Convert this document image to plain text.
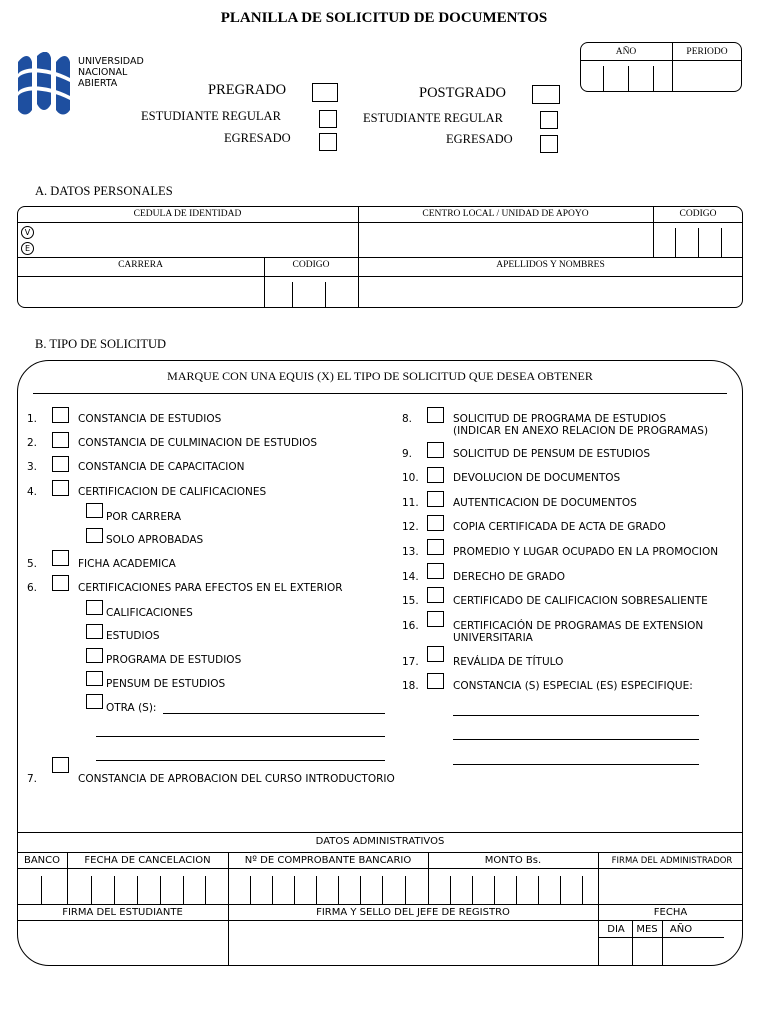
PLANILLA DE SOLICITUD DE DOCUMENTOS
UNIVERSIDAD
NACIONAL
ABIERTA
AÑO	PERIODO
PREGRADO	POSTGRADO
ESTUDIANTE REGULAR
EGRESADO
ESTUDIANTE REGULAR
EGRESADO
A. DATOS PERSONALES
CEDULA DE IDENTIDAD	CENTRO LOCAL / UNIDAD DE APOYO	CODIGO
V
E
CARRERA	CODIGO	APELLIDOS Y NOMBRES
B. TIPO DE SOLICITUD
MARQUE CON UNA EQUIS (X) EL TIPO DE SOLICITUD QUE DESEA OBTENER
1.	CONSTANCIA DE ESTUDIOS
2.	CONSTANCIA DE CULMINACION DE ESTUDIOS
3.	CONSTANCIA DE CAPACITACION
4.	CERTIFICACION DE CALIFICACIONES
POR CARRERA
SOLO APROBADAS
5.	FICHA ACADEMICA
6.	CERTIFICACIONES PARA EFECTOS EN EL EXTERIOR
CALIFICACIONES
ESTUDIOS
PROGRAMA DE ESTUDIOS
PENSUM DE ESTUDIOS
OTRA (S):
7.	CONSTANCIA DE APROBACION DEL CURSO INTRODUCTORIO
8.	SOLICITUD DE PROGRAMA DE ESTUDIOS
(INDICAR EN ANEXO RELACION DE PROGRAMAS)
9.	SOLICITUD DE PENSUM DE ESTUDIOS
10.	DEVOLUCION DE DOCUMENTOS
11.	AUTENTICACION DE DOCUMENTOS
12.	COPIA CERTIFICADA DE ACTA DE GRADO
13.	PROMEDIO Y LUGAR OCUPADO EN LA PROMOCION
14.	DERECHO DE GRADO
15.	CERTIFICADO DE CALIFICACION SOBRESALIENTE
16.	CERTIFICACIÓN DE PROGRAMAS DE EXTENSION
UNIVERSITARIA
17.	REVÁLIDA DE TÍTULO
18.	CONSTANCIA (S) ESPECIAL (ES) ESPECIFIQUE:
DATOS ADMINISTRATIVOS
BANCO	FECHA DE CANCELACION	Nº DE COMPROBANTE BANCARIO	MONTO Bs.	FIRMA DEL ADMINISTRADOR
FIRMA DEL ESTUDIANTE	FIRMA Y SELLO DEL JEFE DE REGISTRO	FECHA
DIA	MES	AÑO
